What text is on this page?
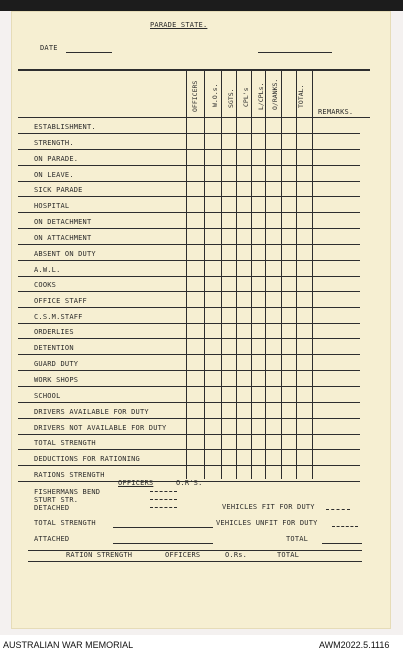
PARADE STATE.
DATE
OFFICERS W.O.s. SGTS. CPL's L/CPLs. O/RANKS.	TOTAL.
REMARKS.
ESTABLISHMENT.
STRENGTH.
ON PARADE.
ON LEAVE.
SICK PARADE
HOSPITAL
ON DETACHMENT
ON ATTACHMENT
ABSENT ON DUTY
A.W.L.
COOKS
OFFICE STAFF
C.S.M.STAFF
ORDERLIES
DETENTION
GUARD DUTY
WORK SHOPS
SCHOOL
DRIVERS AVAILABLE FOR DUTY
DRIVERS NOT AVAILABLE FOR DUTY
TOTAL STRENGTH
DEDUCTIONS FOR RATIONING
RATIONS STRENGTH
OFFICERS	O.R'S.
FISHERMANS BEND
STURT STR.
DETACHED	VEHICLES FIT FOR DUTY
TOTAL STRENGTH	VEHICLES UNFIT FOR DUTY
ATTACHED	TOTAL
RATION STRENGTH	OFFICERS	O.Rs.	TOTAL
AUSTRALIAN WAR MEMORIAL	AWM2022.5.1116
